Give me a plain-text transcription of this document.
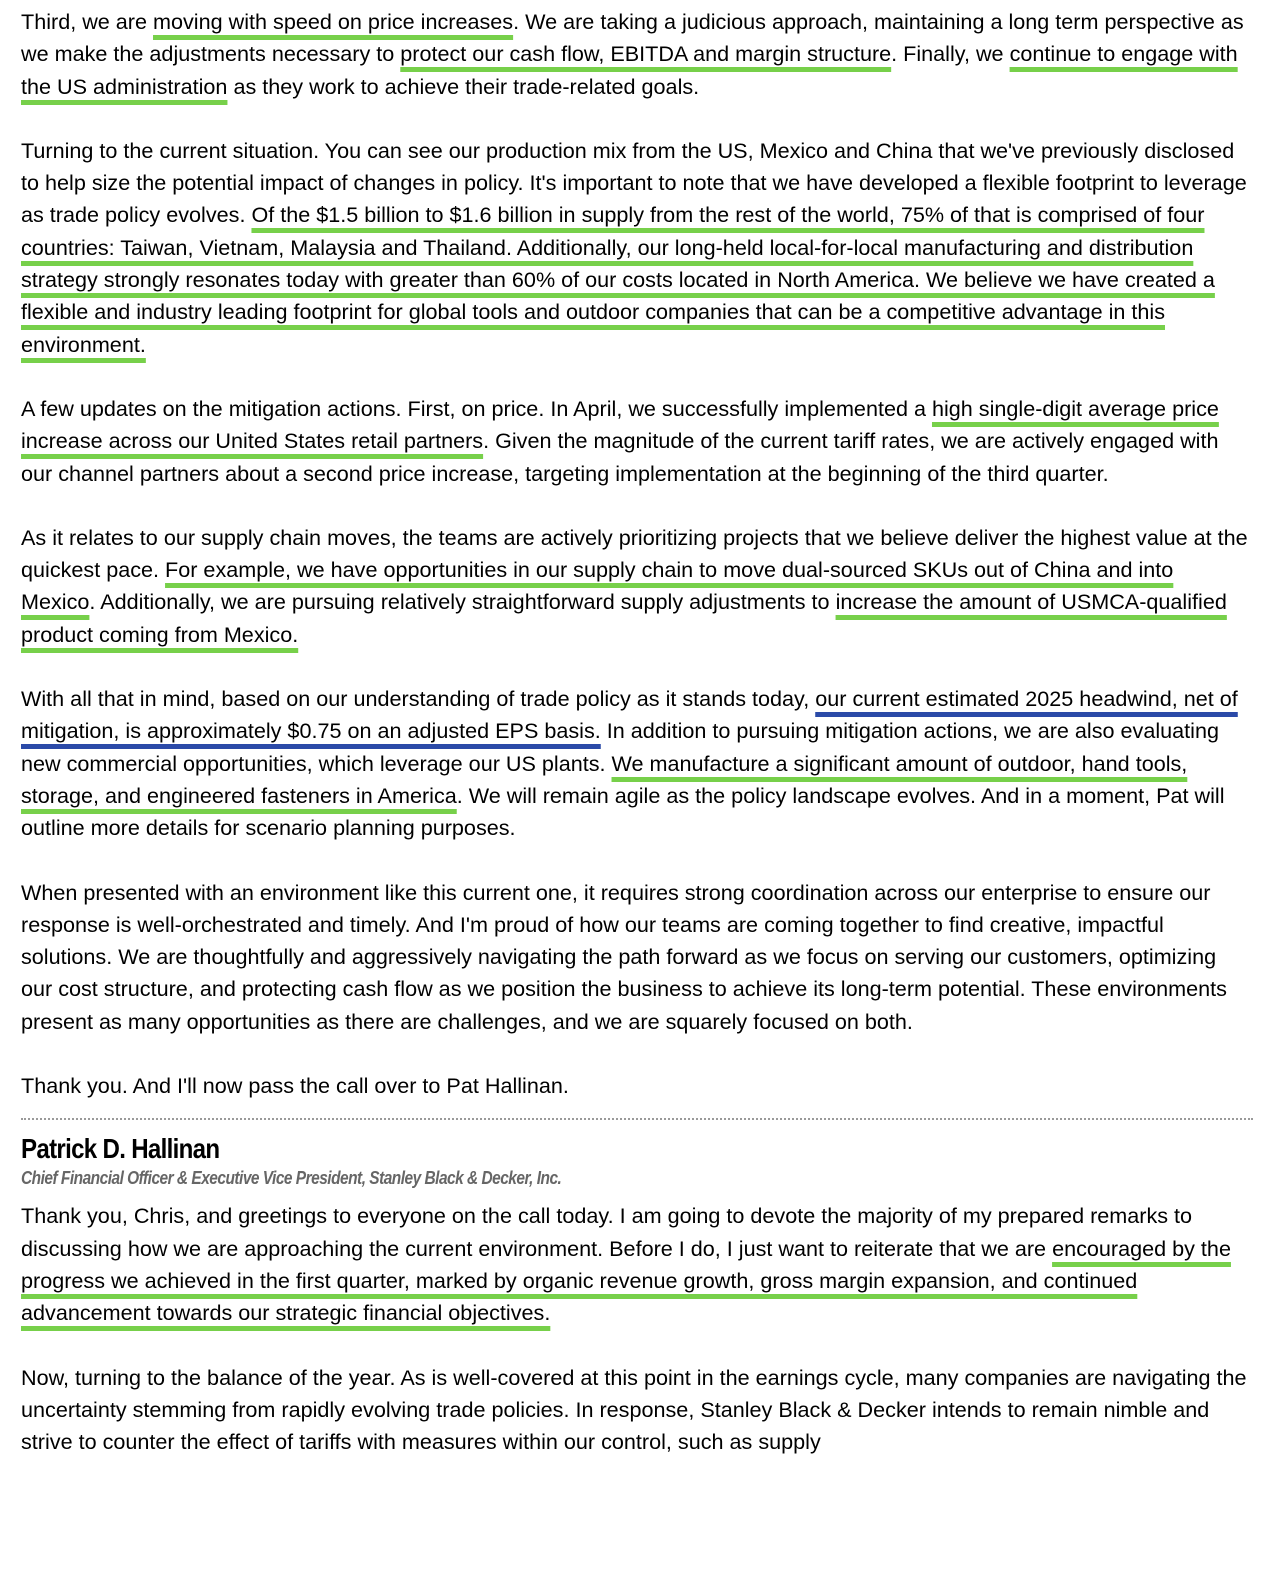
Third, we are moving with speed on price increases. We are taking a judicious approach, maintaining a long term perspective as we make the adjustments necessary to protect our cash flow, EBITDA and margin structure. Finally, we continue to engage with the US administration as they work to achieve their trade-related goals.

Turning to the current situation. You can see our production mix from the US, Mexico and China that we've previously disclosed to help size the potential impact of changes in policy. It's important to note that we have developed a flexible footprint to leverage as trade policy evolves. Of the $1.5 billion to $1.6 billion in supply from the rest of the world, 75% of that is comprised of four countries: Taiwan, Vietnam, Malaysia and Thailand. Additionally, our long-held local-for-local manufacturing and distribution strategy strongly resonates today with greater than 60% of our costs located in North America. We believe we have created a flexible and industry leading footprint for global tools and outdoor companies that can be a competitive advantage in this environment.

A few updates on the mitigation actions. First, on price. In April, we successfully implemented a high single-digit average price increase across our United States retail partners. Given the magnitude of the current tariff rates, we are actively engaged with our channel partners about a second price increase, targeting implementation at the beginning of the third quarter.

As it relates to our supply chain moves, the teams are actively prioritizing projects that we believe deliver the highest value at the quickest pace. For example, we have opportunities in our supply chain to move dual-sourced SKUs out of China and into Mexico. Additionally, we are pursuing relatively straightforward supply adjustments to increase the amount of USMCA-qualified product coming from Mexico.

With all that in mind, based on our understanding of trade policy as it stands today, our current estimated 2025 headwind, net of mitigation, is approximately $0.75 on an adjusted EPS basis. In addition to pursuing mitigation actions, we are also evaluating new commercial opportunities, which leverage our US plants. We manufacture a significant amount of outdoor, hand tools, storage, and engineered fasteners in America. We will remain agile as the policy landscape evolves. And in a moment, Pat will outline more details for scenario planning purposes.

When presented with an environment like this current one, it requires strong coordination across our enterprise to ensure our response is well-orchestrated and timely. And I'm proud of how our teams are coming together to find creative, impactful solutions. We are thoughtfully and aggressively navigating the path forward as we focus on serving our customers, optimizing our cost structure, and protecting cash flow as we position the business to achieve its long-term potential. These environments present as many opportunities as there are challenges, and we are squarely focused on both.

Thank you. And I'll now pass the call over to Pat Hallinan.

Patrick D. Hallinan
Chief Financial Officer & Executive Vice President, Stanley Black & Decker, Inc.

Thank you, Chris, and greetings to everyone on the call today. I am going to devote the majority of my prepared remarks to discussing how we are approaching the current environment. Before I do, I just want to reiterate that we are encouraged by the progress we achieved in the first quarter, marked by organic revenue growth, gross margin expansion, and continued advancement towards our strategic financial objectives.

Now, turning to the balance of the year. As is well-covered at this point in the earnings cycle, many companies are navigating the uncertainty stemming from rapidly evolving trade policies. In response, Stanley Black & Decker intends to remain nimble and strive to counter the effect of tariffs with measures within our control, such as supply
